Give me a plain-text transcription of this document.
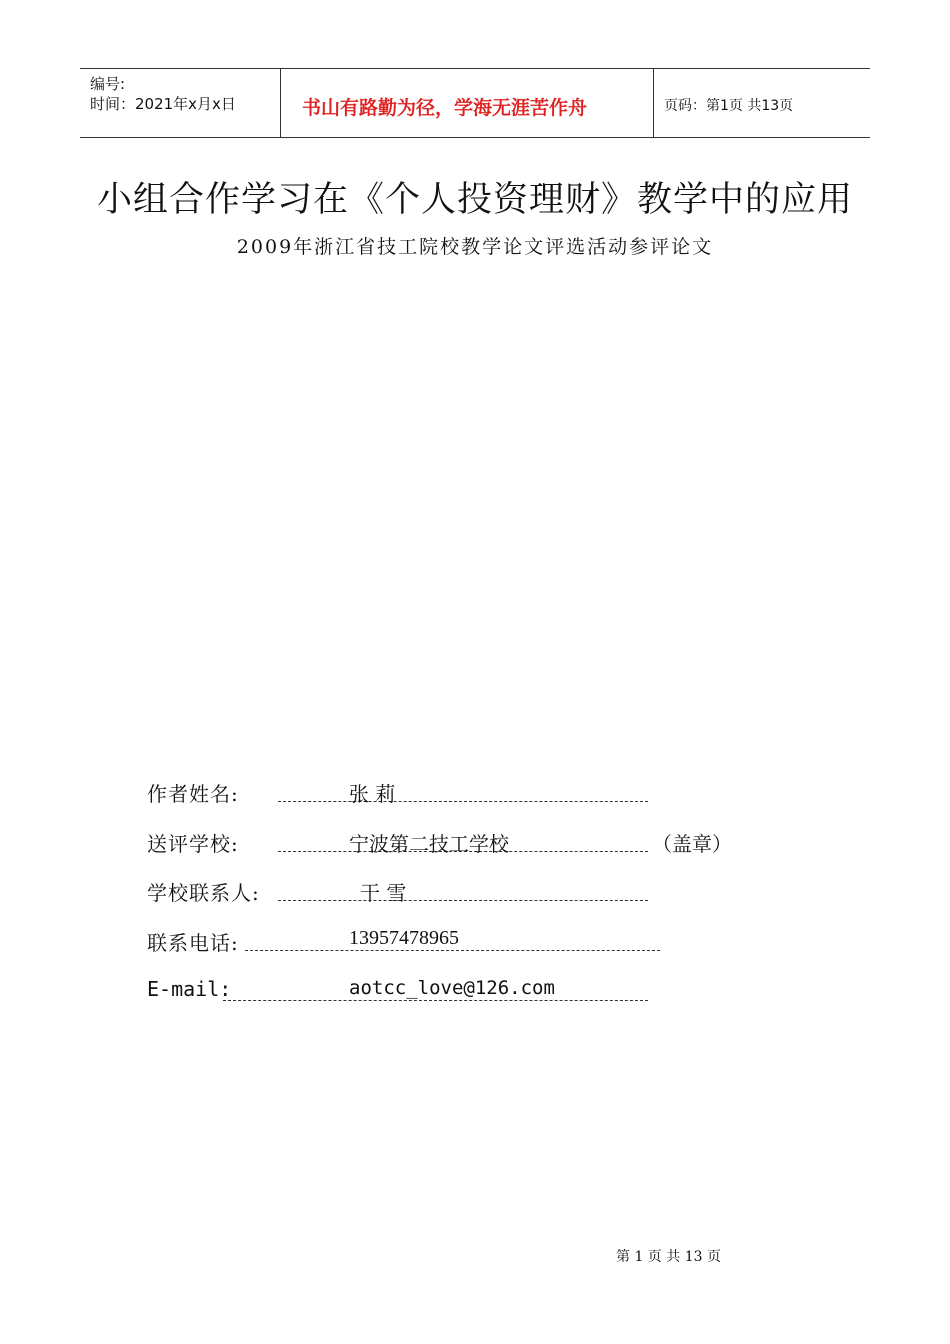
编号:
时间：2021年x月x日	书山有路勤为径，学海无涯苦作舟	页码：第1页 共13页
小组合作学习在《个人投资理财》教学中的应用
2009年浙江省技工院校教学论文评选活动参评论文
作者姓名:	张 莉
送评学校:	宁波第二技工学校	（盖章）
学校联系人:	干 雪
联系电话:	13957478965
E-mail:	aotcc_love@126.com
第 1 页 共 13 页
